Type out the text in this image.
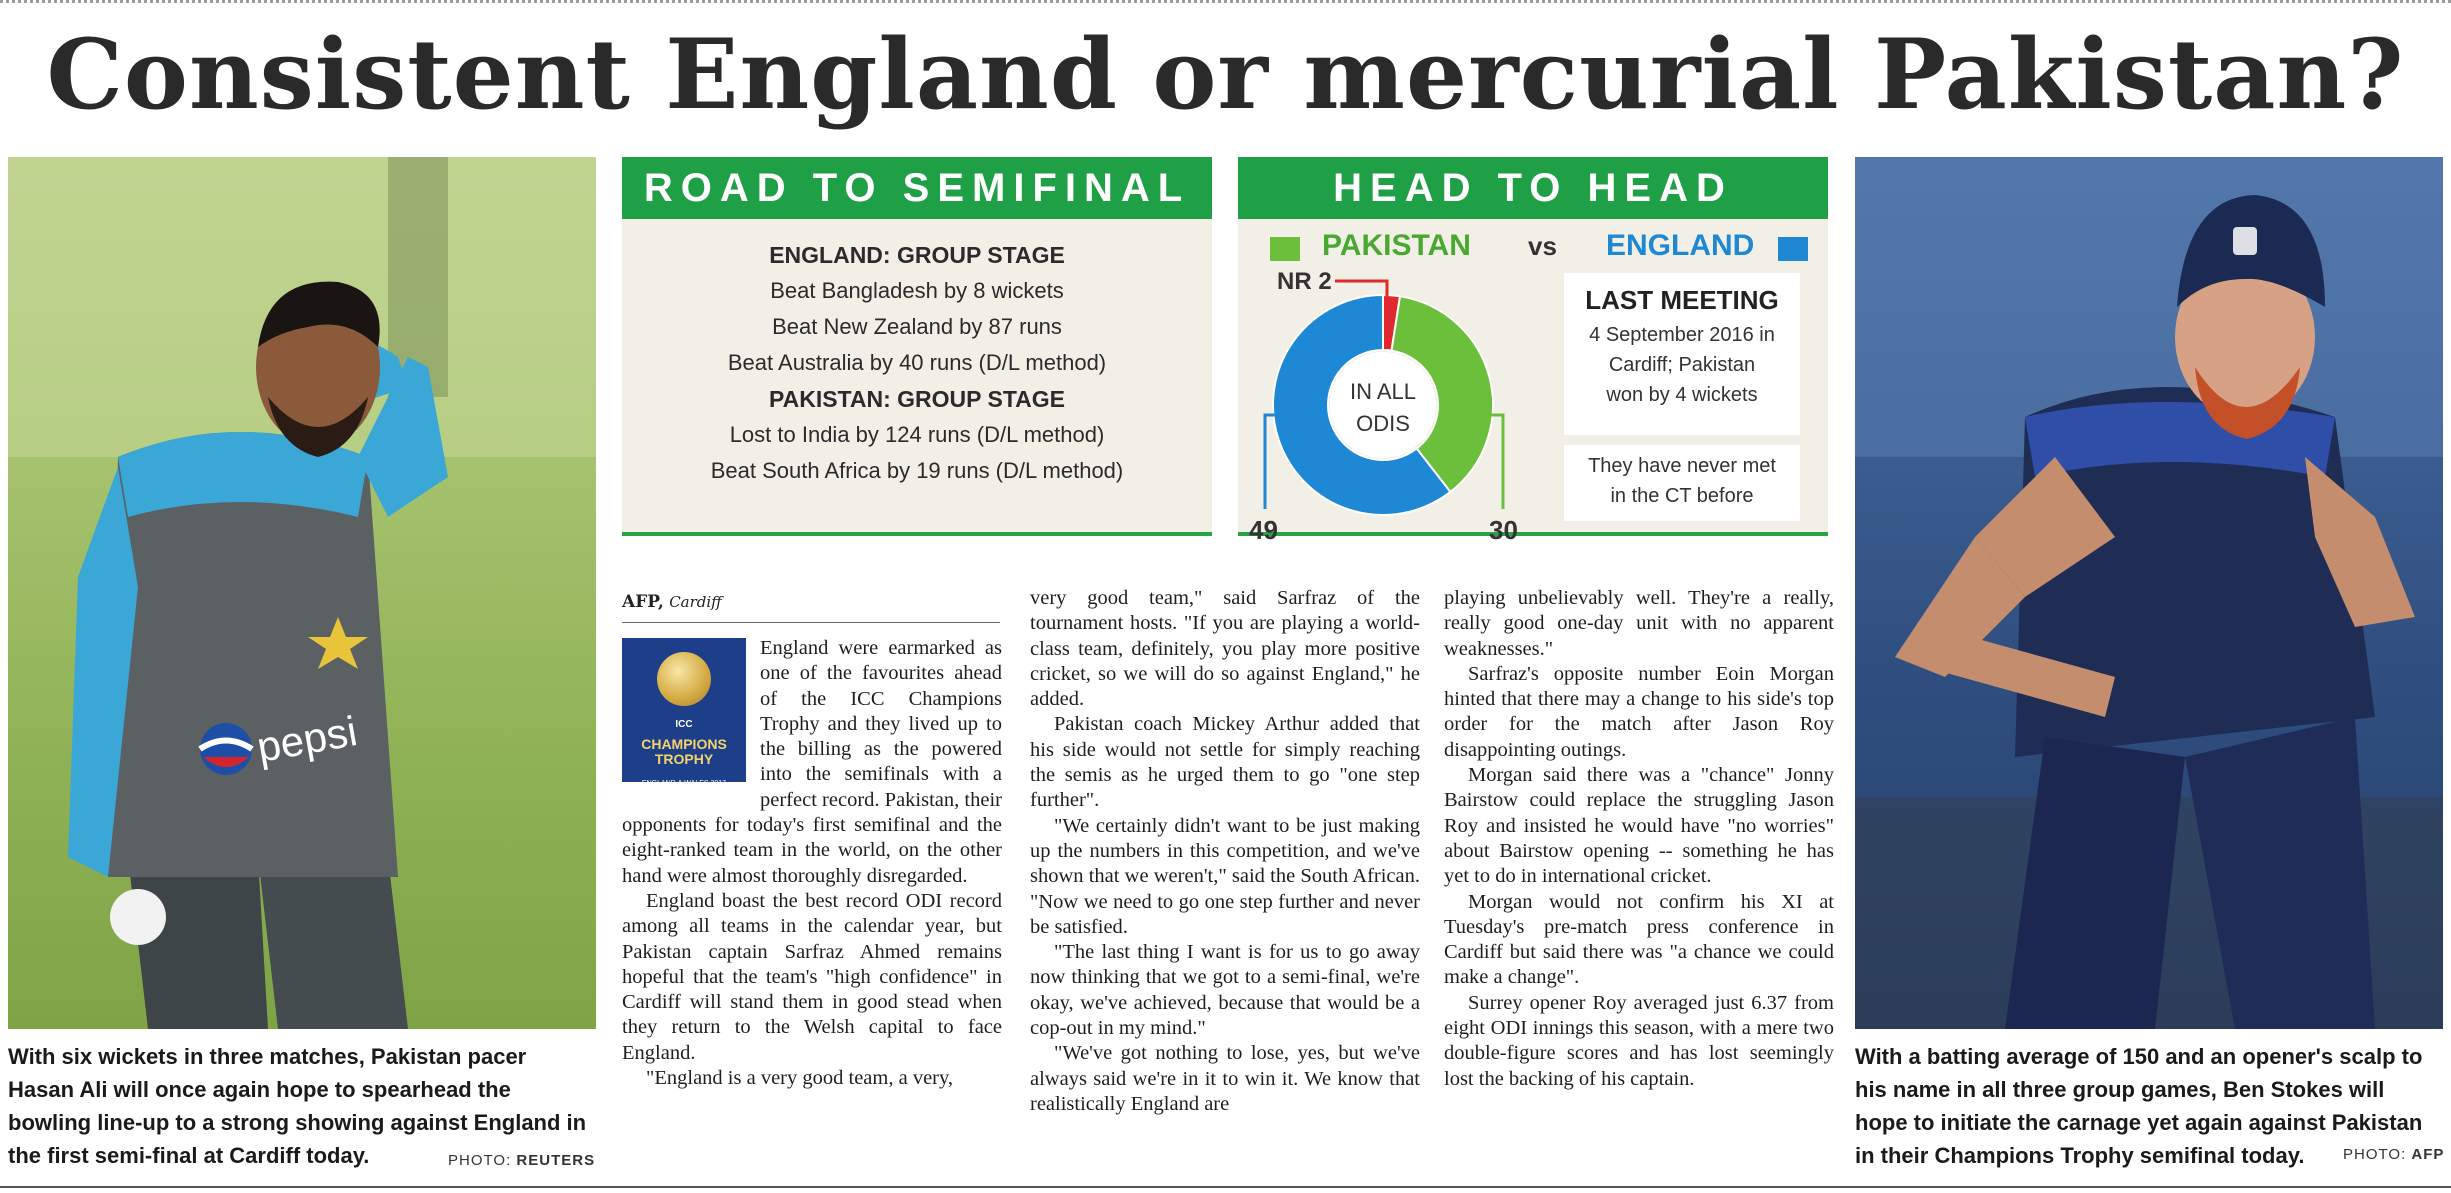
Consistent England or mercurial Pakistan?
pepsi
With six wickets in three matches, Pakistan pacer Hasan Ali will once again hope to spearhead the bowling line-up to a strong showing against England in the first semi-final at Cardiff today.	PHOTO: REUTERS
ROAD TO SEMIFINAL
ENGLAND: GROUP STAGE
Beat Bangladesh by 8 wickets
Beat New Zealand by 87 runs
Beat Australia by 40 runs (D/L method)
PAKISTAN: GROUP STAGE
Lost to India by 124 runs (D/L method)
Beat South Africa by 19 runs (D/L method)
HEAD TO HEAD
PAKISTAN vs ENGLAND
IN ALL
ODIS
NR 2
49	30
LAST MEETING
4 September 2016 in
Cardiff; Pakistan
won by 4 wickets
They have never met
in the CT before
AFP, Cardiff
ICC
CHAMPIONS
TROPHY
ENGLAND & WALES 2017

England were earmarked as one of the favourites ahead of the ICC Champions Trophy and they lived up to the billing as the powered into the semifinals with a perfect record. Pakistan, their opponents for today's first semifinal and the eight-ranked team in the world, on the other hand were almost thoroughly disregarded.

England boast the best record ODI record among all teams in the calendar year, but Pakistan captain Sarfraz Ahmed remains hopeful that the team's "high confidence" in Cardiff will stand them in good stead when they return to the Welsh capital to face England.

"England is a very good team, a very,

very good team," said Sarfraz of the tournament hosts. "If you are playing a world-class team, definitely, you play more positive cricket, so we will do so against England," he added.

Pakistan coach Mickey Arthur added that his side would not settle for simply reaching the semis as he urged them to go "one step further".

"We certainly didn't want to be just making up the numbers in this competition, and we've shown that we weren't," said the South African. "Now we need to go one step further and never be satisfied.

"The last thing I want is for us to go away now thinking that we got to a semi-final, we're okay, we've achieved, because that would be a cop-out in my mind."

"We've got nothing to lose, yes, but we've always said we're in it to win it. We know that realistically England are

playing unbelievably well. They're a really, really good one-day unit with no apparent weaknesses."

Sarfraz's opposite number Eoin Morgan hinted that there may a change to his side's top order for the match after Jason Roy disappointing outings.

Morgan said there was a "chance" Jonny Bairstow could replace the struggling Jason Roy and insisted he would have "no worries" about Bairstow opening -- something he has yet to do in international cricket.

Morgan would not confirm his XI at Tuesday's pre-match press conference in Cardiff but said there was "a chance we could make a change".

Surrey opener Roy averaged just 6.37 from eight ODI innings this season, with a mere two double-figure scores and has lost seemingly lost the backing of his captain.

With a batting average of 150 and an opener's scalp to his name in all three group games, Ben Stokes will hope to initiate the carnage yet again against Pakistan in their Champions Trophy semifinal today.	PHOTO: AFP
